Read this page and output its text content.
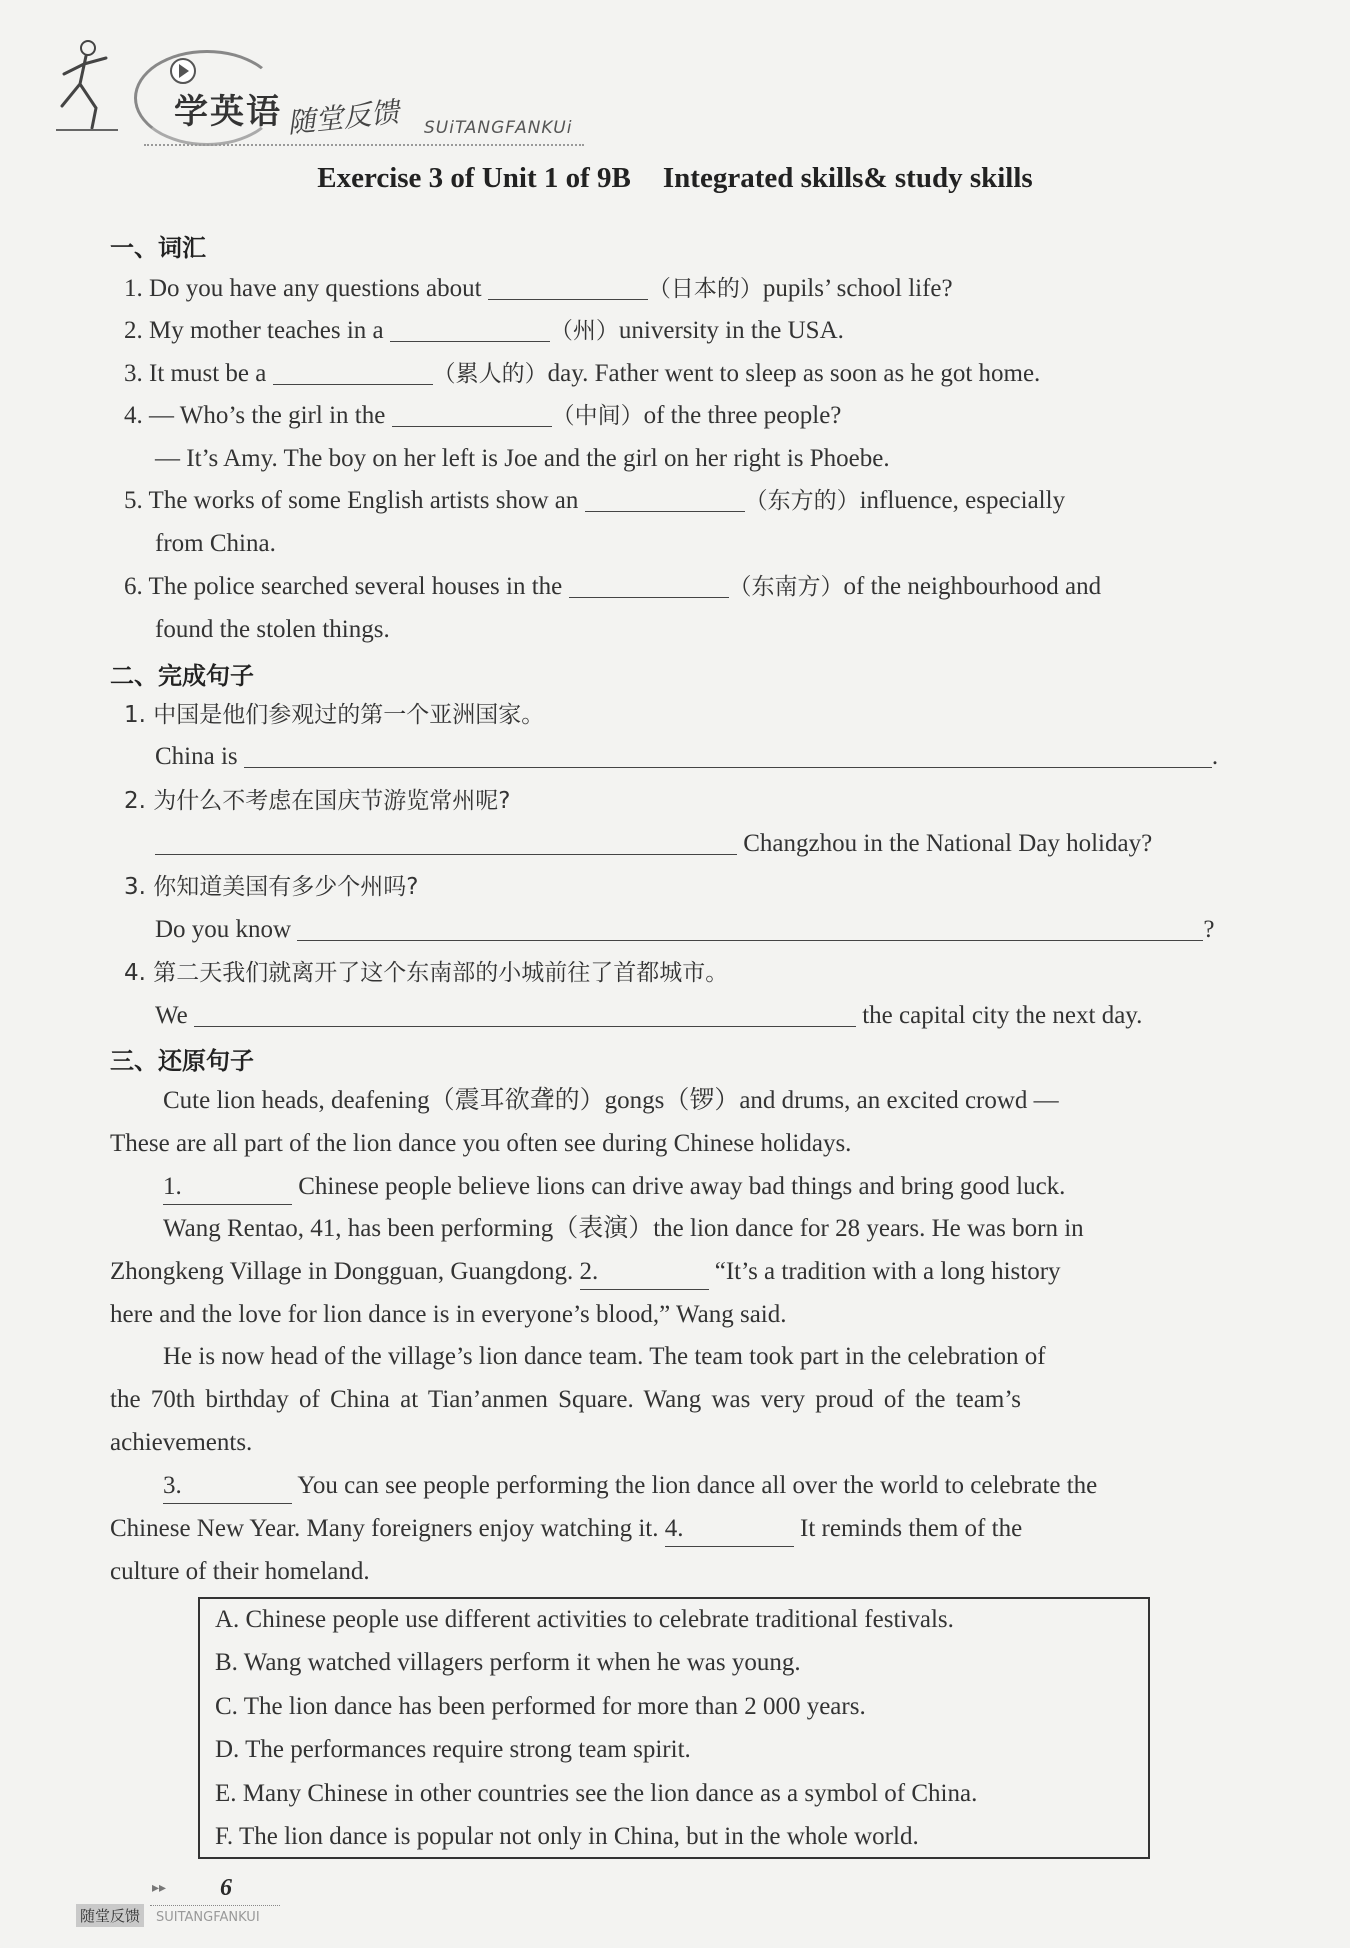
学英语 随堂反馈 SUiTANGFANKUi
Exercise 3 of Unit 1 of 9B Integrated skills& study skills
一、词汇
1. Do you have any questions about	（日本的）pupils’ school life?
2. My mother teaches in a	（州）university in the USA.
3. It must be a	（累人的）day. Father went to sleep as soon as he got home.
4. — Who’s the girl in the	（中间）of the three people?
— It’s Amy. The boy on her left is Joe and the girl on her right is Phoebe.
5. The works of some English artists show an	（东方的）influence, especially
from China.
6. The police searched several houses in the	（东南方）of the neighbourhood and
found the stolen things.
二、完成句子
1. 中国是他们参观过的第一个亚洲国家。
China is	.
2. 为什么不考虑在国庆节游览常州呢?
Changzhou in the National Day holiday?
3. 你知道美国有多少个州吗?
Do you know	?
4. 第二天我们就离开了这个东南部的小城前往了首都城市。
We	the capital city the next day.
三、还原句子
Cute lion heads, deafening（震耳欲聋的）gongs（锣）and drums, an excited crowd —
These are all part of the lion dance you often see during Chinese holidays.
1.	Chinese people believe lions can drive away bad things and bring good luck.
Wang Rentao, 41, has been performing（表演）the lion dance for 28 years. He was born in
Zhongkeng Village in Dongguan, Guangdong. 2.	“It’s a tradition with a long history
here and the love for lion dance is in everyone’s blood,” Wang said.
He is now head of the village’s lion dance team. The team took part in the celebration of
the 70th birthday of China at Tian’anmen Square. Wang was very proud of the team’s
achievements.
3.	You can see people performing the lion dance all over the world to celebrate the
Chinese New Year. Many foreigners enjoy watching it. 4.	It reminds them of the
culture of their homeland.
A. Chinese people use different activities to celebrate traditional festivals.
B. Wang watched villagers perform it when he was young.
C. The lion dance has been performed for more than 2 000 years.
D. The performances require strong team spirit.
E. Many Chinese in other countries see the lion dance as a symbol of China.
F. The lion dance is popular not only in China, but in the whole world.
▸▸ 6
随堂反馈	SUITANGFANKUI
